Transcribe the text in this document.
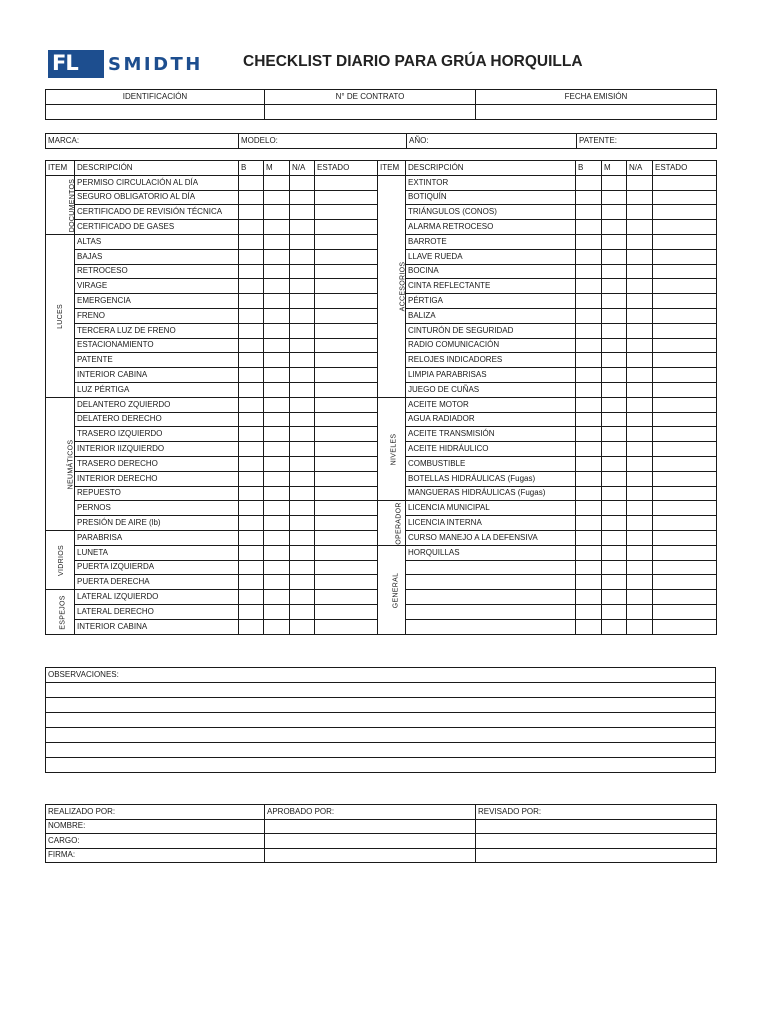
FL SMIDTH	CHECKLIST DIARIO PARA GRÚA HORQUILLA
IDENTIFICACIÓN	N° DE CONTRATO	FECHA EMISIÓN

MARCA:	MODELO:	AÑO:	PATENTE:
ITEM	DESCRIPCIÓN	B	M	N/A	ESTADO	ITEM	DESCRIPCIÓN	B	M	N/A	ESTADO
DOCUMENTOS	PERMISO CIRCULACIÓN AL DÍA					ACCESORIOS	EXTINTOR				
	SEGURO OBLIGATORIO AL DÍA						BOTIQUÍN				
	CERTIFICADO DE REVISIÓN TÉCNICA						TRIÁNGULOS (CONOS)				
	CERTIFICADO DE GASES						ALARMA RETROCESO				
LUCES	ALTAS						BARROTE				
	BAJAS						LLAVE RUEDA				
	RETROCESO						BOCINA				
	VIRAGE						CINTA REFLECTANTE				
	EMERGENCIA						PÉRTIGA				
	FRENO						BALIZA				
	TERCERA LUZ DE FRENO						CINTURÓN DE SEGURIDAD				
	ESTACIONAMIENTO						RADIO COMUNICACIÓN				
	PATENTE						RELOJES INDICADORES				
	INTERIOR CABINA						LIMPIA PARABRISAS				
	LUZ PÉRTIGA						JUEGO DE CUÑAS				
NEUMÁTICOS	DELANTERO ZQUIERDO					NIVELES	ACEITE MOTOR				
	DELATERO DERECHO						AGUA RADIADOR				
	TRASERO IZQUIERDO						ACEITE TRANSMISIÓN				
	INTERIOR IIZQUIERDO						ACEITE HIDRÁULICO				
	TRASERO DERECHO						COMBUSTIBLE				
	INTERIOR DERECHO						BOTELLAS HIDRÁULICAS (Fugas)				
	REPUESTO						MANGUERAS HIDRÁULICAS (Fugas)				
	PERNOS					OPERADOR	LICENCIA MUNICIPAL				
	PRESIÓN DE AIRE (lb)						LICENCIA INTERNA				
VIDRIOS	PARABRISA						CURSO MANEJO A LA DEFENSIVA				
	LUNETA					GENERAL	HORQUILLAS				
	PUERTA IZQUIERDA										
	PUERTA DERECHA										
ESPEJOS	LATERAL IZQUIERDO										
	LATERAL DERECHO										
	INTERIOR CABINA										
OBSERVACIONES:

REALIZADO POR:	APROBADO POR:	REVISADO POR:
NOMBRE:		
CARGO:		
FIRMA:		
